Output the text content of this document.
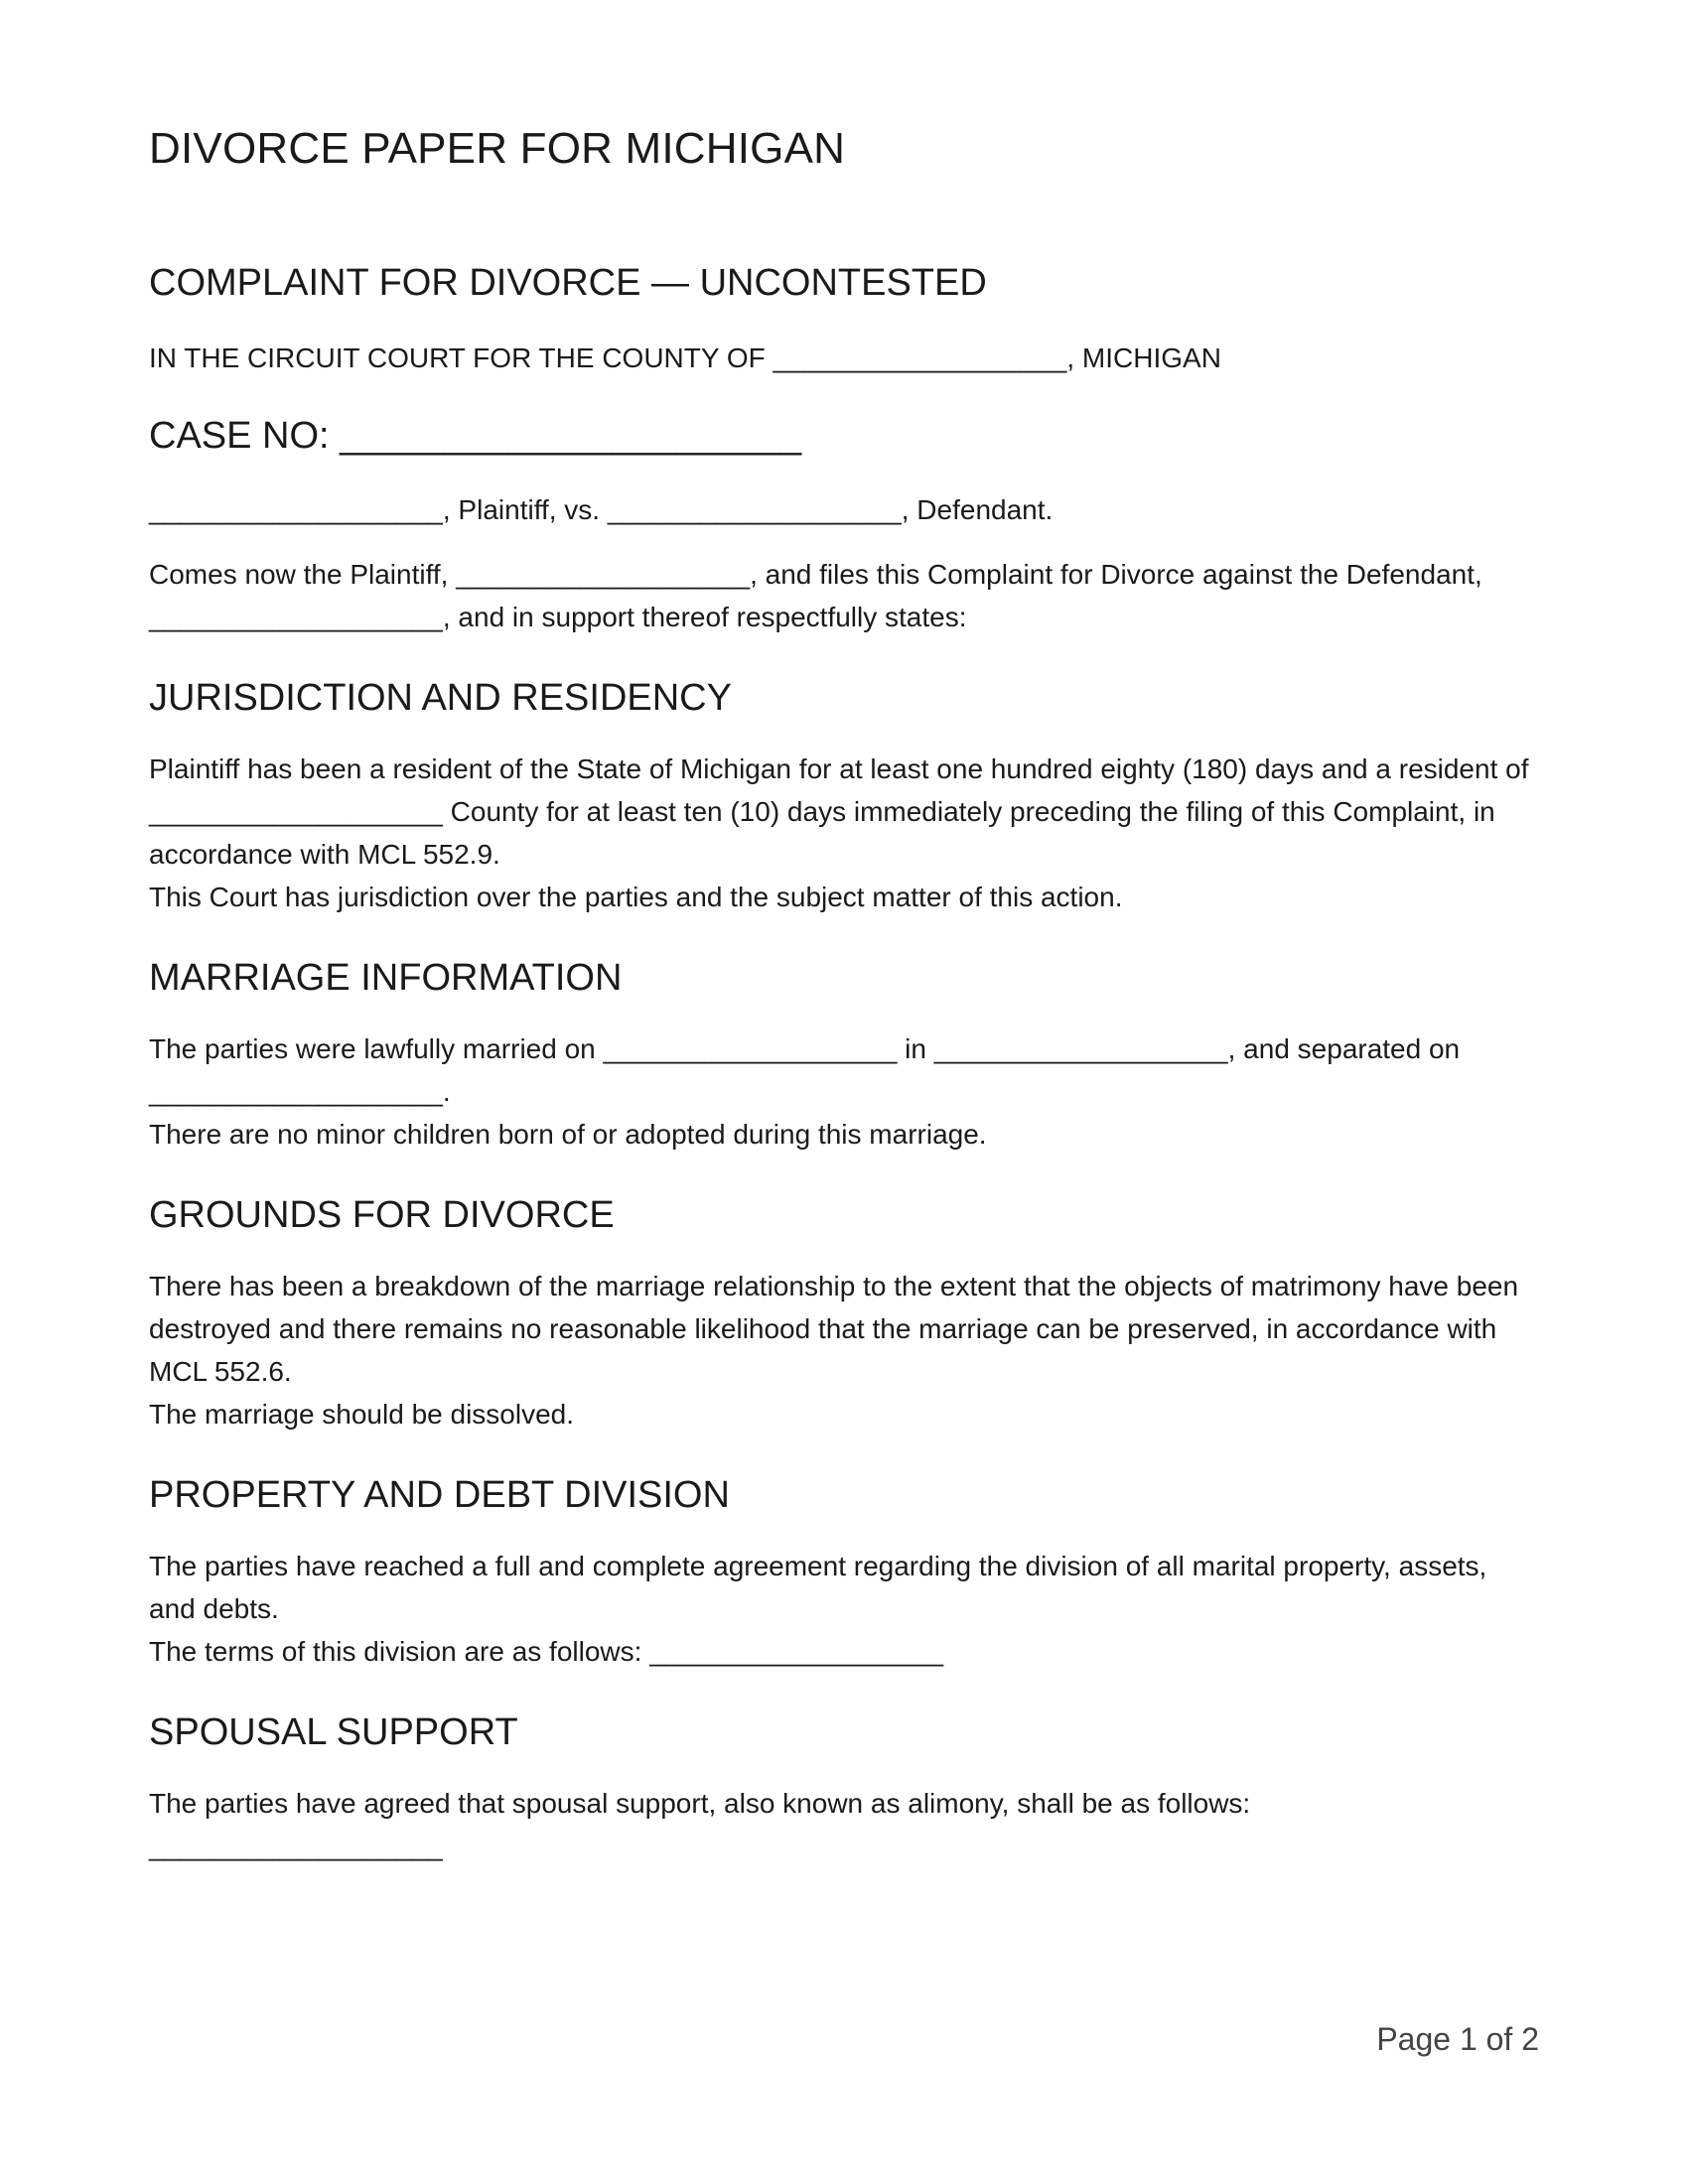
DIVORCE PAPER FOR MICHIGAN
COMPLAINT FOR DIVORCE — UNCONTESTED

IN THE CIRCUIT COURT FOR THE COUNTY OF ___________________, MICHIGAN

CASE NO: ______________________

___________________, Plaintiff, vs. ___________________, Defendant.

Comes now the Plaintiff, ___________________, and files this Complaint for Divorce against the Defendant, ___________________, and in support thereof respectfully states:

JURISDICTION AND RESIDENCY

Plaintiff has been a resident of the State of Michigan for at least one hundred eighty (180) days and a resident of ___________________ County for at least ten (10) days immediately preceding the filing of this Complaint, in accordance with MCL 552.9.

This Court has jurisdiction over the parties and the subject matter of this action.

MARRIAGE INFORMATION

The parties were lawfully married on ___________________ in ___________________, and separated on ___________________.

There are no minor children born of or adopted during this marriage.

GROUNDS FOR DIVORCE

There has been a breakdown of the marriage relationship to the extent that the objects of matrimony have been destroyed and there remains no reasonable likelihood that the marriage can be preserved, in accordance with MCL 552.6.

The marriage should be dissolved.

PROPERTY AND DEBT DIVISION

The parties have reached a full and complete agreement regarding the division of all marital property, assets, and debts.

The terms of this division are as follows: ___________________

SPOUSAL SUPPORT

The parties have agreed that spousal support, also known as alimony, shall be as follows: ___________________

Page 1 of 2
